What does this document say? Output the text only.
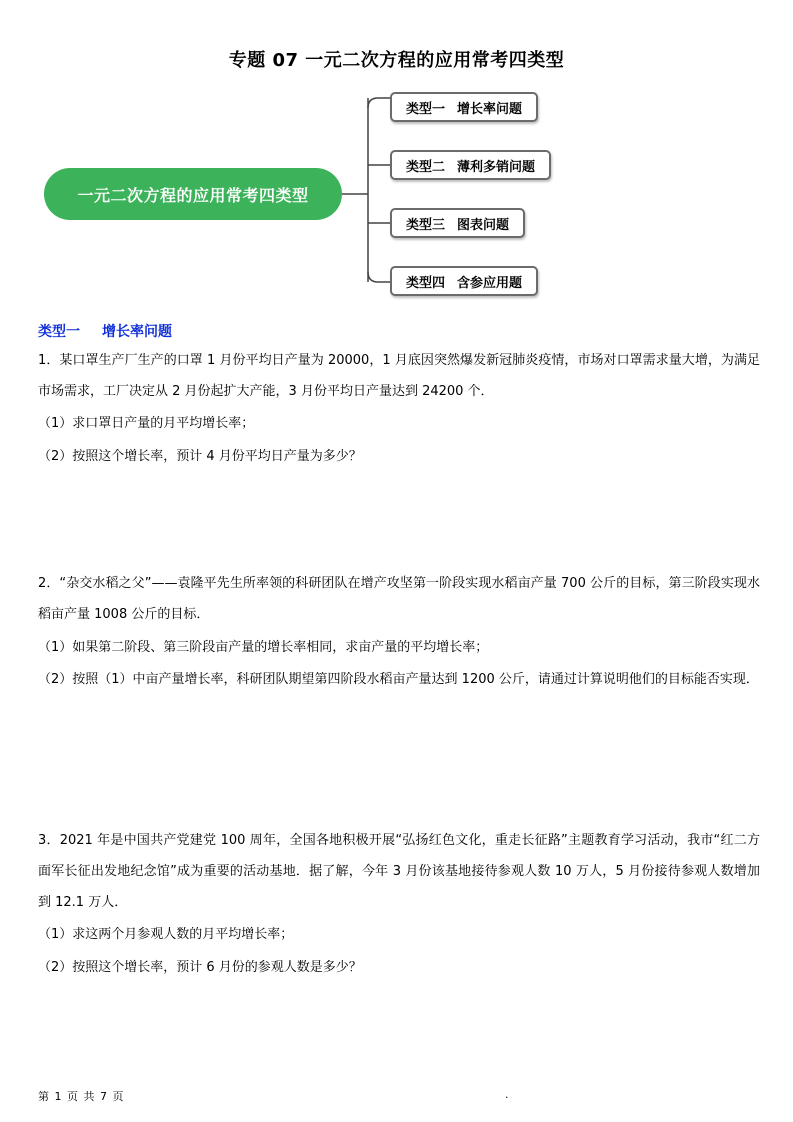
专题 07 一元二次方程的应用常考四类型
一元二次方程的应用常考四类型
类型一 增长率问题
类型二 薄利多销问题
类型三 图表问题
类型四 含参应用题
类型一 增长率问题
1．某口罩生产厂生产的口罩 1 月份平均日产量为 20000，1 月底因突然爆发新冠肺炎疫情，市场对口罩需求量大增，为满足市场需求，工厂决定从 2 月份起扩大产能，3 月份平均日产量达到 24200 个．
（1）求口罩日产量的月平均增长率；
（2）按照这个增长率，预计 4 月份平均日产量为多少？
2．“杂交水稻之父”——袁隆平先生所率领的科研团队在增产攻坚第一阶段实现水稻亩产量 700 公斤的目标，第三阶段实现水稻亩产量 1008 公斤的目标．
（1）如果第二阶段、第三阶段亩产量的增长率相同，求亩产量的平均增长率；
（2）按照（1）中亩产量增长率，科研团队期望第四阶段水稻亩产量达到 1200 公斤，请通过计算说明他们的目标能否实现．
3．2021 年是中国共产党建党 100 周年，全国各地积极开展“弘扬红色文化，重走长征路”主题教育学习活动，我市“红二方面军长征出发地纪念馆”成为重要的活动基地．据了解，今年 3 月份该基地接待参观人数 10 万人，5 月份接待参观人数增加到 12.1 万人．
（1）求这两个月参观人数的月平均增长率；
（2）按照这个增长率，预计 6 月份的参观人数是多少？
第 1 页 共 7 页	.
